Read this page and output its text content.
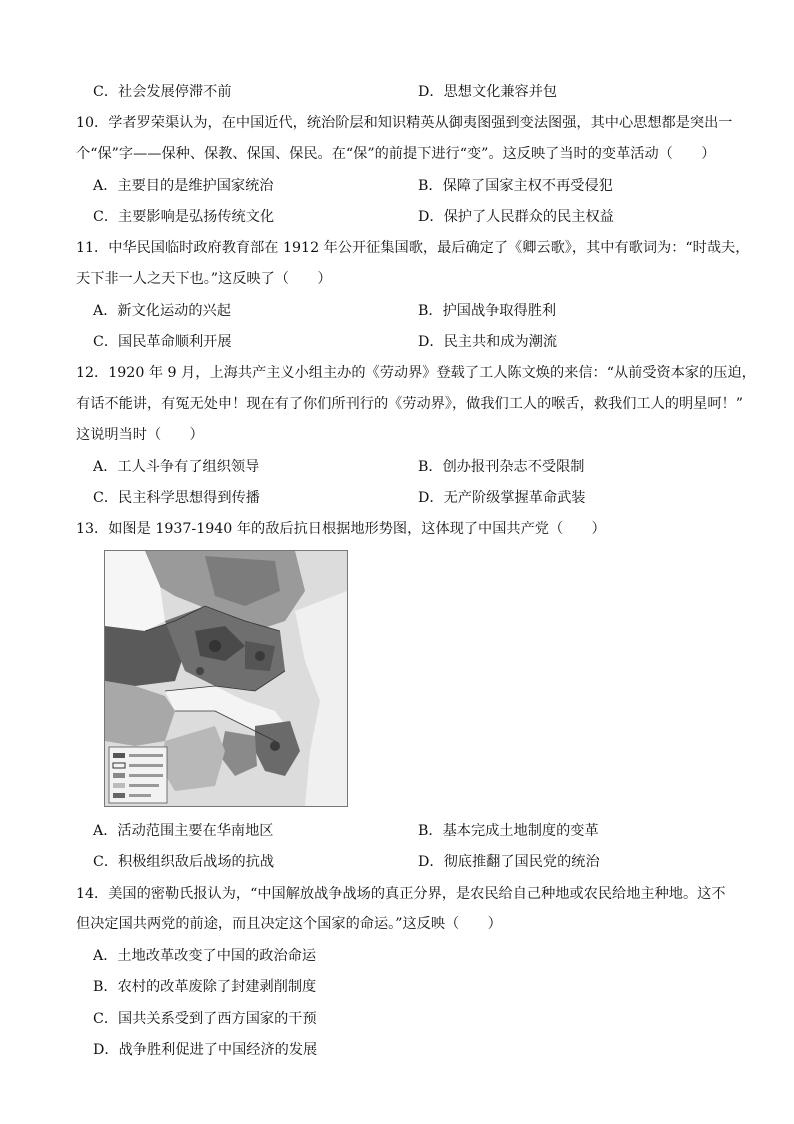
C．社会发展停滞不前	D．思想文化兼容并包
10．学者罗荣渠认为，在中国近代，统治阶层和知识精英从御夷图强到变法图强，其中心思想都是突出一
个“保”字——保种、保教、保国、保民。在“保”的前提下进行“变”。这反映了当时的变革活动（　　）
A．主要目的是维护国家统治	B．保障了国家主权不再受侵犯
C．主要影响是弘扬传统文化	D．保护了人民群众的民主权益
11．中华民国临时政府教育部在 1912 年公开征集国歌，最后确定了《卿云歌》，其中有歌词为：“时哉夫，
天下非一人之天下也。”这反映了（　　）
A．新文化运动的兴起	B．护国战争取得胜利
C．国民革命顺利开展	D．民主共和成为潮流
12．1920 年 9 月，上海共产主义小组主办的《劳动界》登载了工人陈文焕的来信：“从前受资本家的压迫，
有话不能讲，有冤无处申！现在有了你们所刊行的《劳动界》，做我们工人的喉舌，救我们工人的明星呵！”
这说明当时（　　）
A．工人斗争有了组织领导	B．创办报刊杂志不受限制
C．民主科学思想得到传播	D．无产阶级掌握革命武装
13．如图是 1937-1940 年的敌后抗日根据地形势图，这体现了中国共产党（　　）
A．活动范围主要在华南地区	B．基本完成土地制度的变革
C．积极组织敌后战场的抗战	D．彻底推翻了国民党的统治
14．美国的密勒氏报认为，“中国解放战争战场的真正分界，是农民给自己种地或农民给地主种地。这不
但决定国共两党的前途，而且决定这个国家的命运。”这反映（　　）
A．土地改革改变了中国的政治命运
B．农村的改革废除了封建剥削制度
C．国共关系受到了西方国家的干预
D．战争胜利促进了中国经济的发展
